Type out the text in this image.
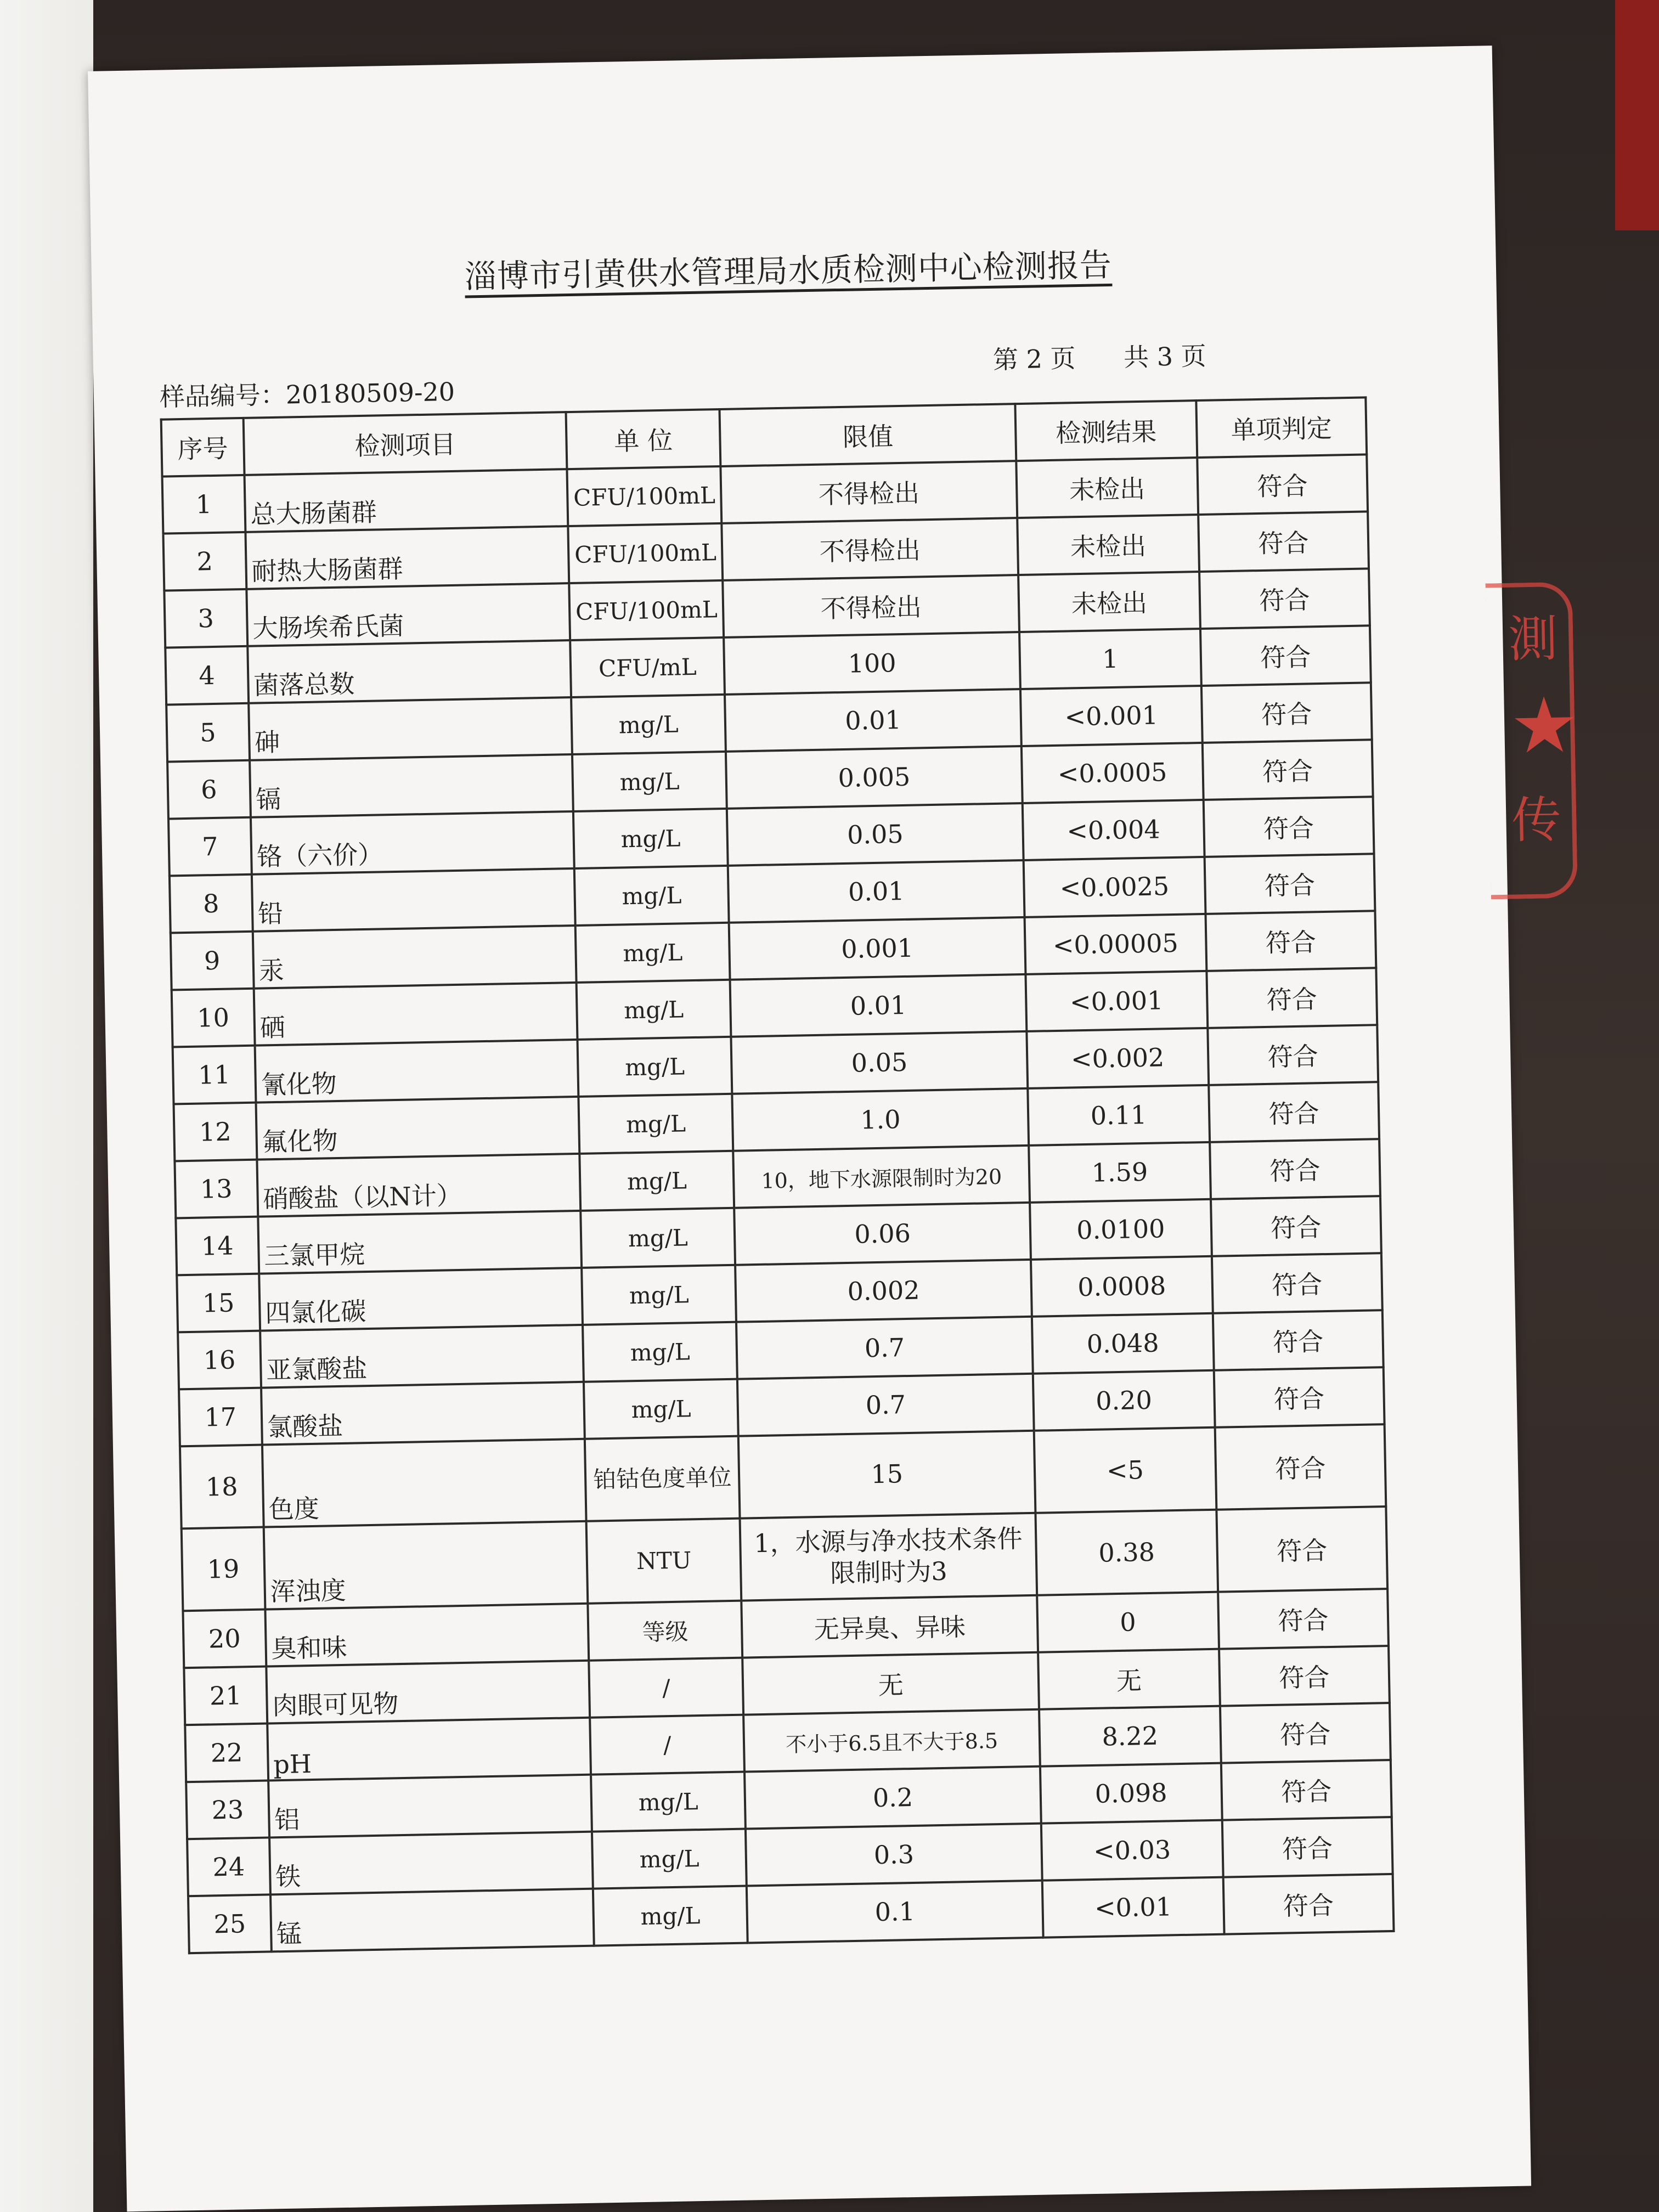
淄博市引黄供水管理局水质检测中心检测报告
样品编号：20180509-20
第 2 页      共 3 页
序号	检测项目	单 位	限值	检测结果	单项判定
1	总大肠菌群	CFU/100mL	不得检出	未检出	符合
2	耐热大肠菌群	CFU/100mL	不得检出	未检出	符合
3	大肠埃希氏菌	CFU/100mL	不得检出	未检出	符合
4	菌落总数	CFU/mL	100	1	符合
5	砷	mg/L	0.01	<0.001	符合
6	镉	mg/L	0.005	<0.0005	符合
7	铬（六价）	mg/L	0.05	<0.004	符合
8	铅	mg/L	0.01	<0.0025	符合
9	汞	mg/L	0.001	<0.00005	符合
10	硒	mg/L	0.01	<0.001	符合
11	氰化物	mg/L	0.05	<0.002	符合
12	氟化物	mg/L	1.0	0.11	符合
13	硝酸盐（以N计）	mg/L	10，地下水源限制时为20	1.59	符合
14	三氯甲烷	mg/L	0.06	0.0100	符合
15	四氯化碳	mg/L	0.002	0.0008	符合
16	亚氯酸盐	mg/L	0.7	0.048	符合
17	氯酸盐	mg/L	0.7	0.20	符合
18	色度	铂钴色度单位	15	<5	符合
19	浑浊度	NTU	1，水源与净水技术条件限制时为3	0.38	符合
20	臭和味	等级	无异臭、异味	0	符合
21	肉眼可见物	/	无	无	符合
22	pH	/	不小于6.5且不大于8.5	8.22	符合
23	铝	mg/L	0.2	0.098	符合
24	铁	mg/L	0.3	<0.03	符合
25	锰	mg/L	0.1	<0.01	符合
測
★
传
